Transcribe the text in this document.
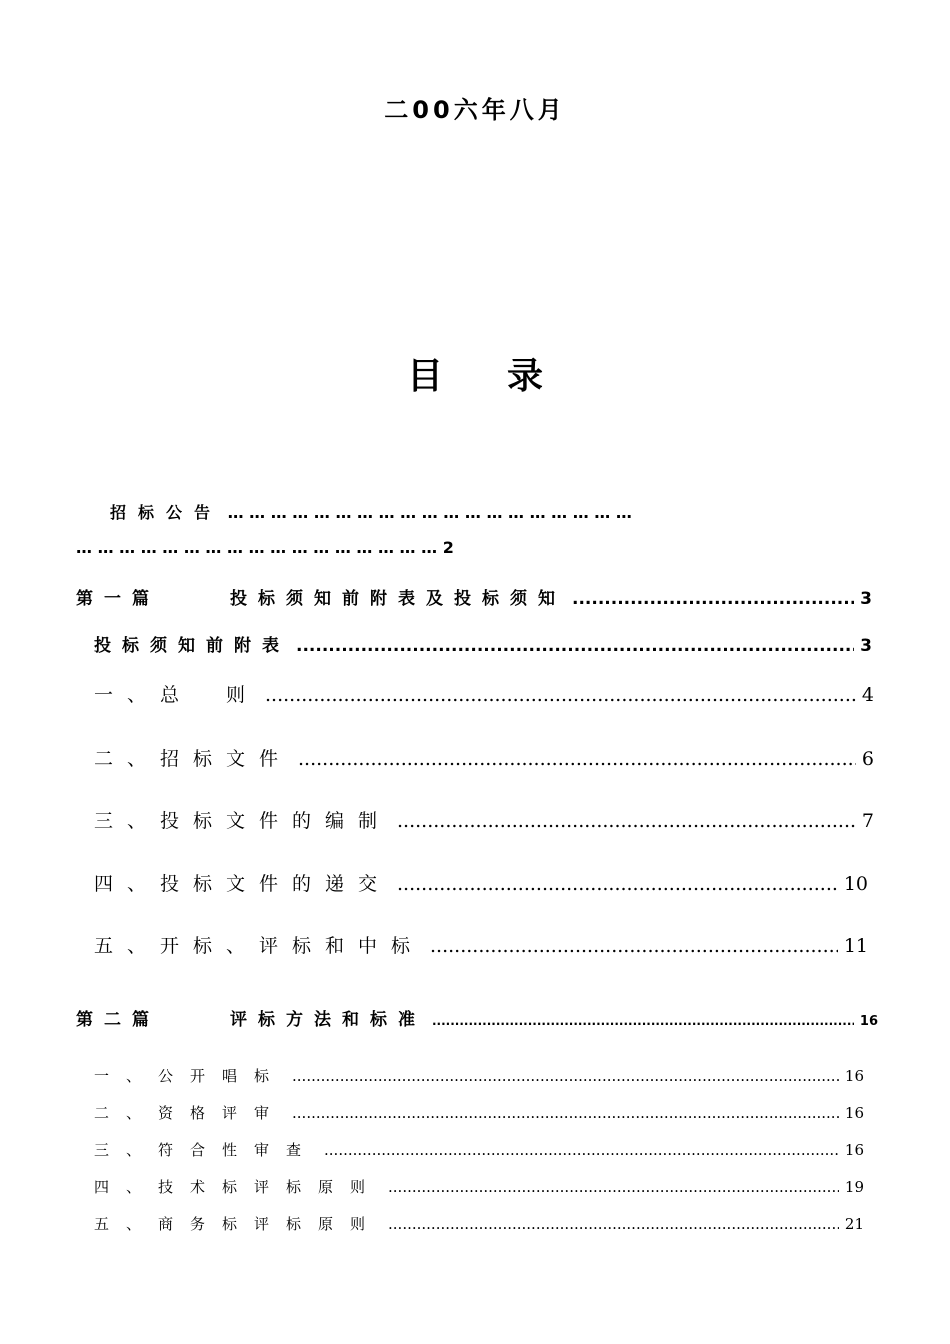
二00六年八月
目 录
招标公告 … … … … … … … … … … … … … … … … … … …
… … … … … … … … … … … … … … … … … 2
第一篇	投标须知前附表及投标须知 .....	3
投标须知前附表 .....	3
一、总　则 .....	4
二、招标文件 .....	6
三、投标文件的编制 .....	7
四、投标文件的递交 .....	10
五、开标、评标和中标 .....	11
第二篇	评标方法和标准 .....	16
一、公开唱标 .....	16
二、资格评审 .....	16
三、符合性审查 .....	16
四、技术标评标原则 .....	19
五、商务标评标原则 .....	21
